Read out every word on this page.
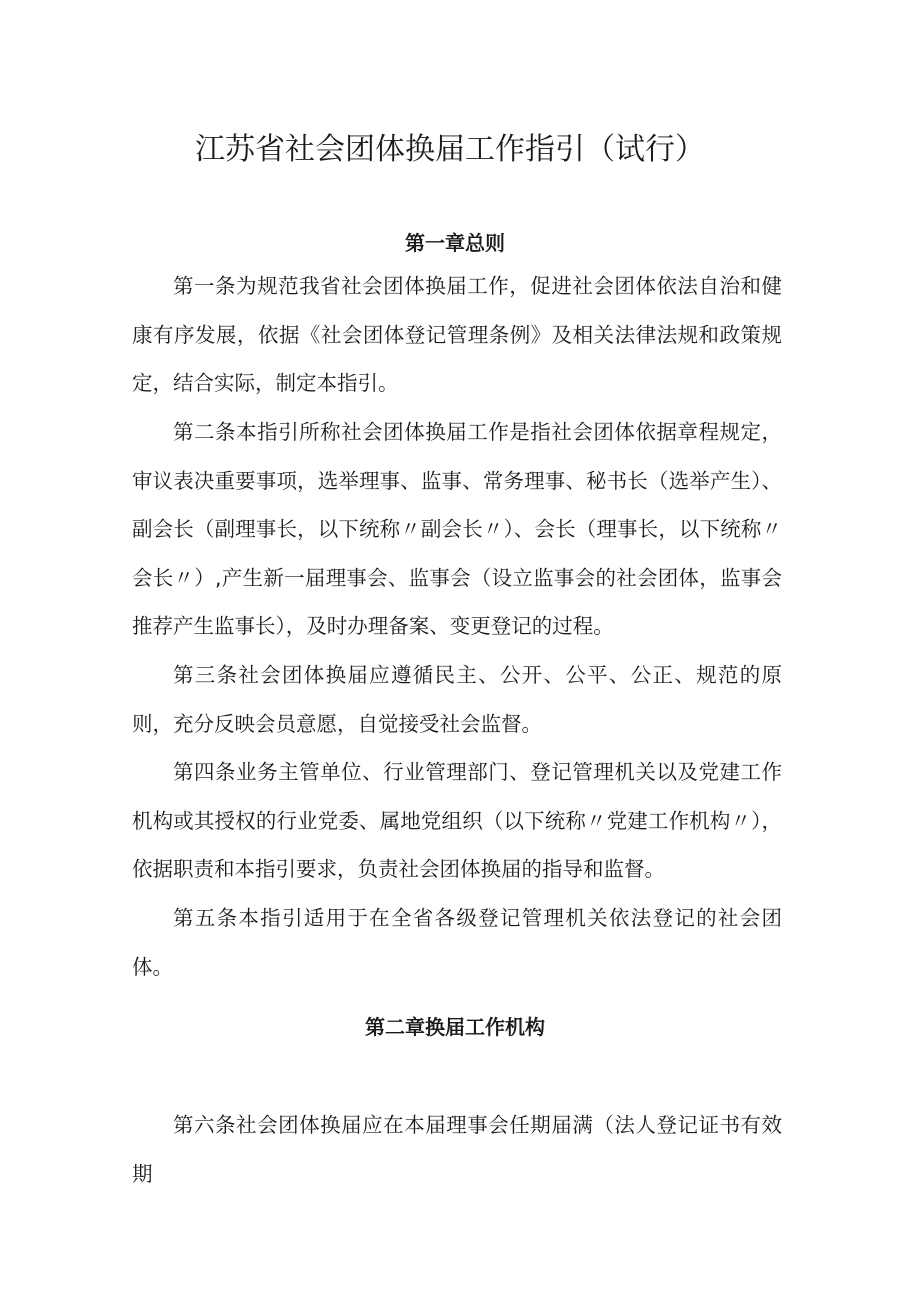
江苏省社会团体换届工作指引（试行）
第一章总则

第一条为规范我省社会团体换届工作，促进社会团体依法自治和健康有序发展，依据《社会团体登记管理条例》及相关法律法规和政策规定，结合实际，制定本指引。

第二条本指引所称社会团体换届工作是指社会团体依据章程规定，审议表决重要事项，选举理事、监事、常务理事、秘书长（选举产生）、副会长（副理事长，以下统称〃副会长〃）、会长（理事长，以下统称〃会长〃）,产生新一届理事会、监事会（设立监事会的社会团体，监事会推荐产生监事长），及时办理备案、变更登记的过程。

第三条社会团体换届应遵循民主、公开、公平、公正、规范的原则，充分反映会员意愿，自觉接受社会监督。

第四条业务主管单位、行业管理部门、登记管理机关以及党建工作机构或其授权的行业党委、属地党组织（以下统称〃党建工作机构〃），依据职责和本指引要求，负责社会团体换届的指导和监督。

第五条本指引适用于在全省各级登记管理机关依法登记的社会团体。

第二章换届工作机构

第六条社会团体换届应在本届理事会任期届满（法人登记证书有效期
